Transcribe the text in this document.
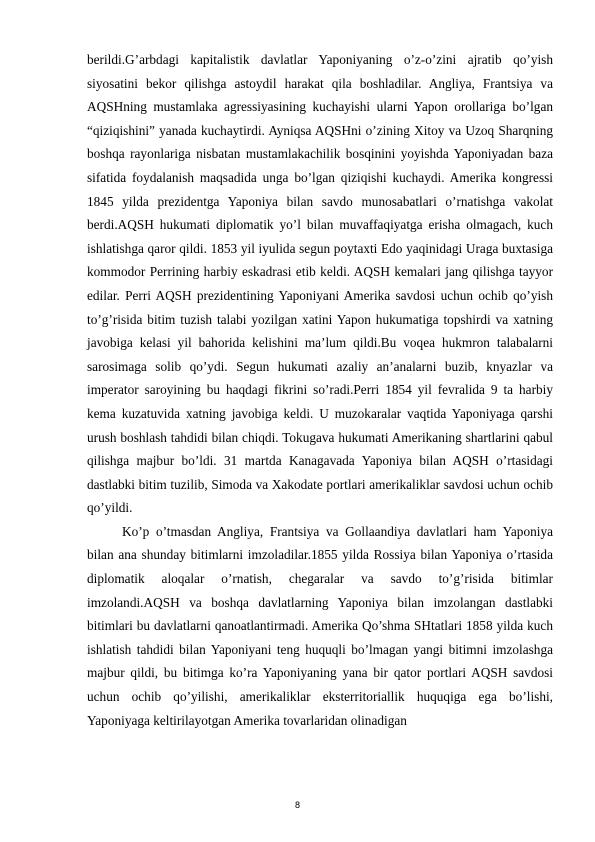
berildi.G’arbdagi kapitalistik davlatlar Yaponiyaning o’z-o’zini ajratib qo’yish siyosatini bekor qilishga astoydil harakat qila boshladilar. Angliya, Frantsiya va AQSHning mustamlaka agressiyasining kuchayishi ularni Yapon orollariga bo’lgan “qiziqishini” yanada kuchaytirdi. Ayniqsa AQSHni o’zining Xitoy va Uzoq Sharqning boshqa rayonlariga nisbatan mustamlakachilik bosqinini yoyishda Yaponiyadan baza sifatida foydalanish maqsadida unga bo’lgan qiziqishi kuchaydi. Amerika kongressi 1845 yilda prezidentga Yaponiya bilan savdo munosabatlari o’rnatishga vakolat berdi.AQSH hukumati diplomatik yo’l bilan muvaffaqiyatga erisha olmagach, kuch ishlatishga qaror qildi. 1853 yil iyulida segun poytaxti Edo yaqinidagi Uraga buxtasiga kommodor Perrining harbiy eskadrasi etib keldi. AQSH kemalari jang qilishga tayyor edilar. Perri AQSH prezidentining Yaponiyani Amerika savdosi uchun ochib qo’yish to’g’risida bitim tuzish talabi yozilgan xatini Yapon hukumatiga topshirdi va xatning javobiga kelasi yil bahorida kelishini ma’lum qildi.Bu voqea hukmron talabalarni sarosimaga solib qo’ydi. Segun hukumati azaliy an’analarni buzib, knyazlar va imperator saroyining bu haqdagi fikrini so’radi.Perri 1854 yil fevralida 9 ta harbiy kema kuzatuvida xatning javobiga keldi. U muzokaralar vaqtida Yaponiyaga qarshi urush boshlash tahdidi bilan chiqdi. Tokugava hukumati Amerikaning shartlarini qabul qilishga majbur bo’ldi. 31 martda Kanagavada Yaponiya bilan AQSH o’rtasidagi dastlabki bitim tuzilib, Simoda va Xakodate portlari amerikaliklar savdosi uchun ochib qo’yildi.

Ko’p o’tmasdan Angliya, Frantsiya va Gollaandiya davlatlari ham Yaponiya bilan ana shunday bitimlarni imzoladilar.1855 yilda Rossiya bilan Yaponiya o’rtasida diplomatik aloqalar o’rnatish, chegaralar va savdo to’g’risida bitimlar imzolandi.AQSH va boshqa davlatlarning Yaponiya bilan imzolangan dastlabki bitimlari bu davlatlarni qanoatlantirmadi. Amerika Qo’shma SHtatlari 1858 yilda kuch ishlatish tahdidi bilan Yaponiyani teng huquqli bo’lmagan yangi bitimni imzolashga majbur qildi, bu bitimga ko’ra Yaponiyaning yana bir qator portlari AQSH savdosi uchun ochib qo’yilishi, amerikaliklar eksterritoriallik huquqiga ega bo’lishi, Yaponiyaga keltirilayotgan Amerika tovarlaridan olinadigan

8
